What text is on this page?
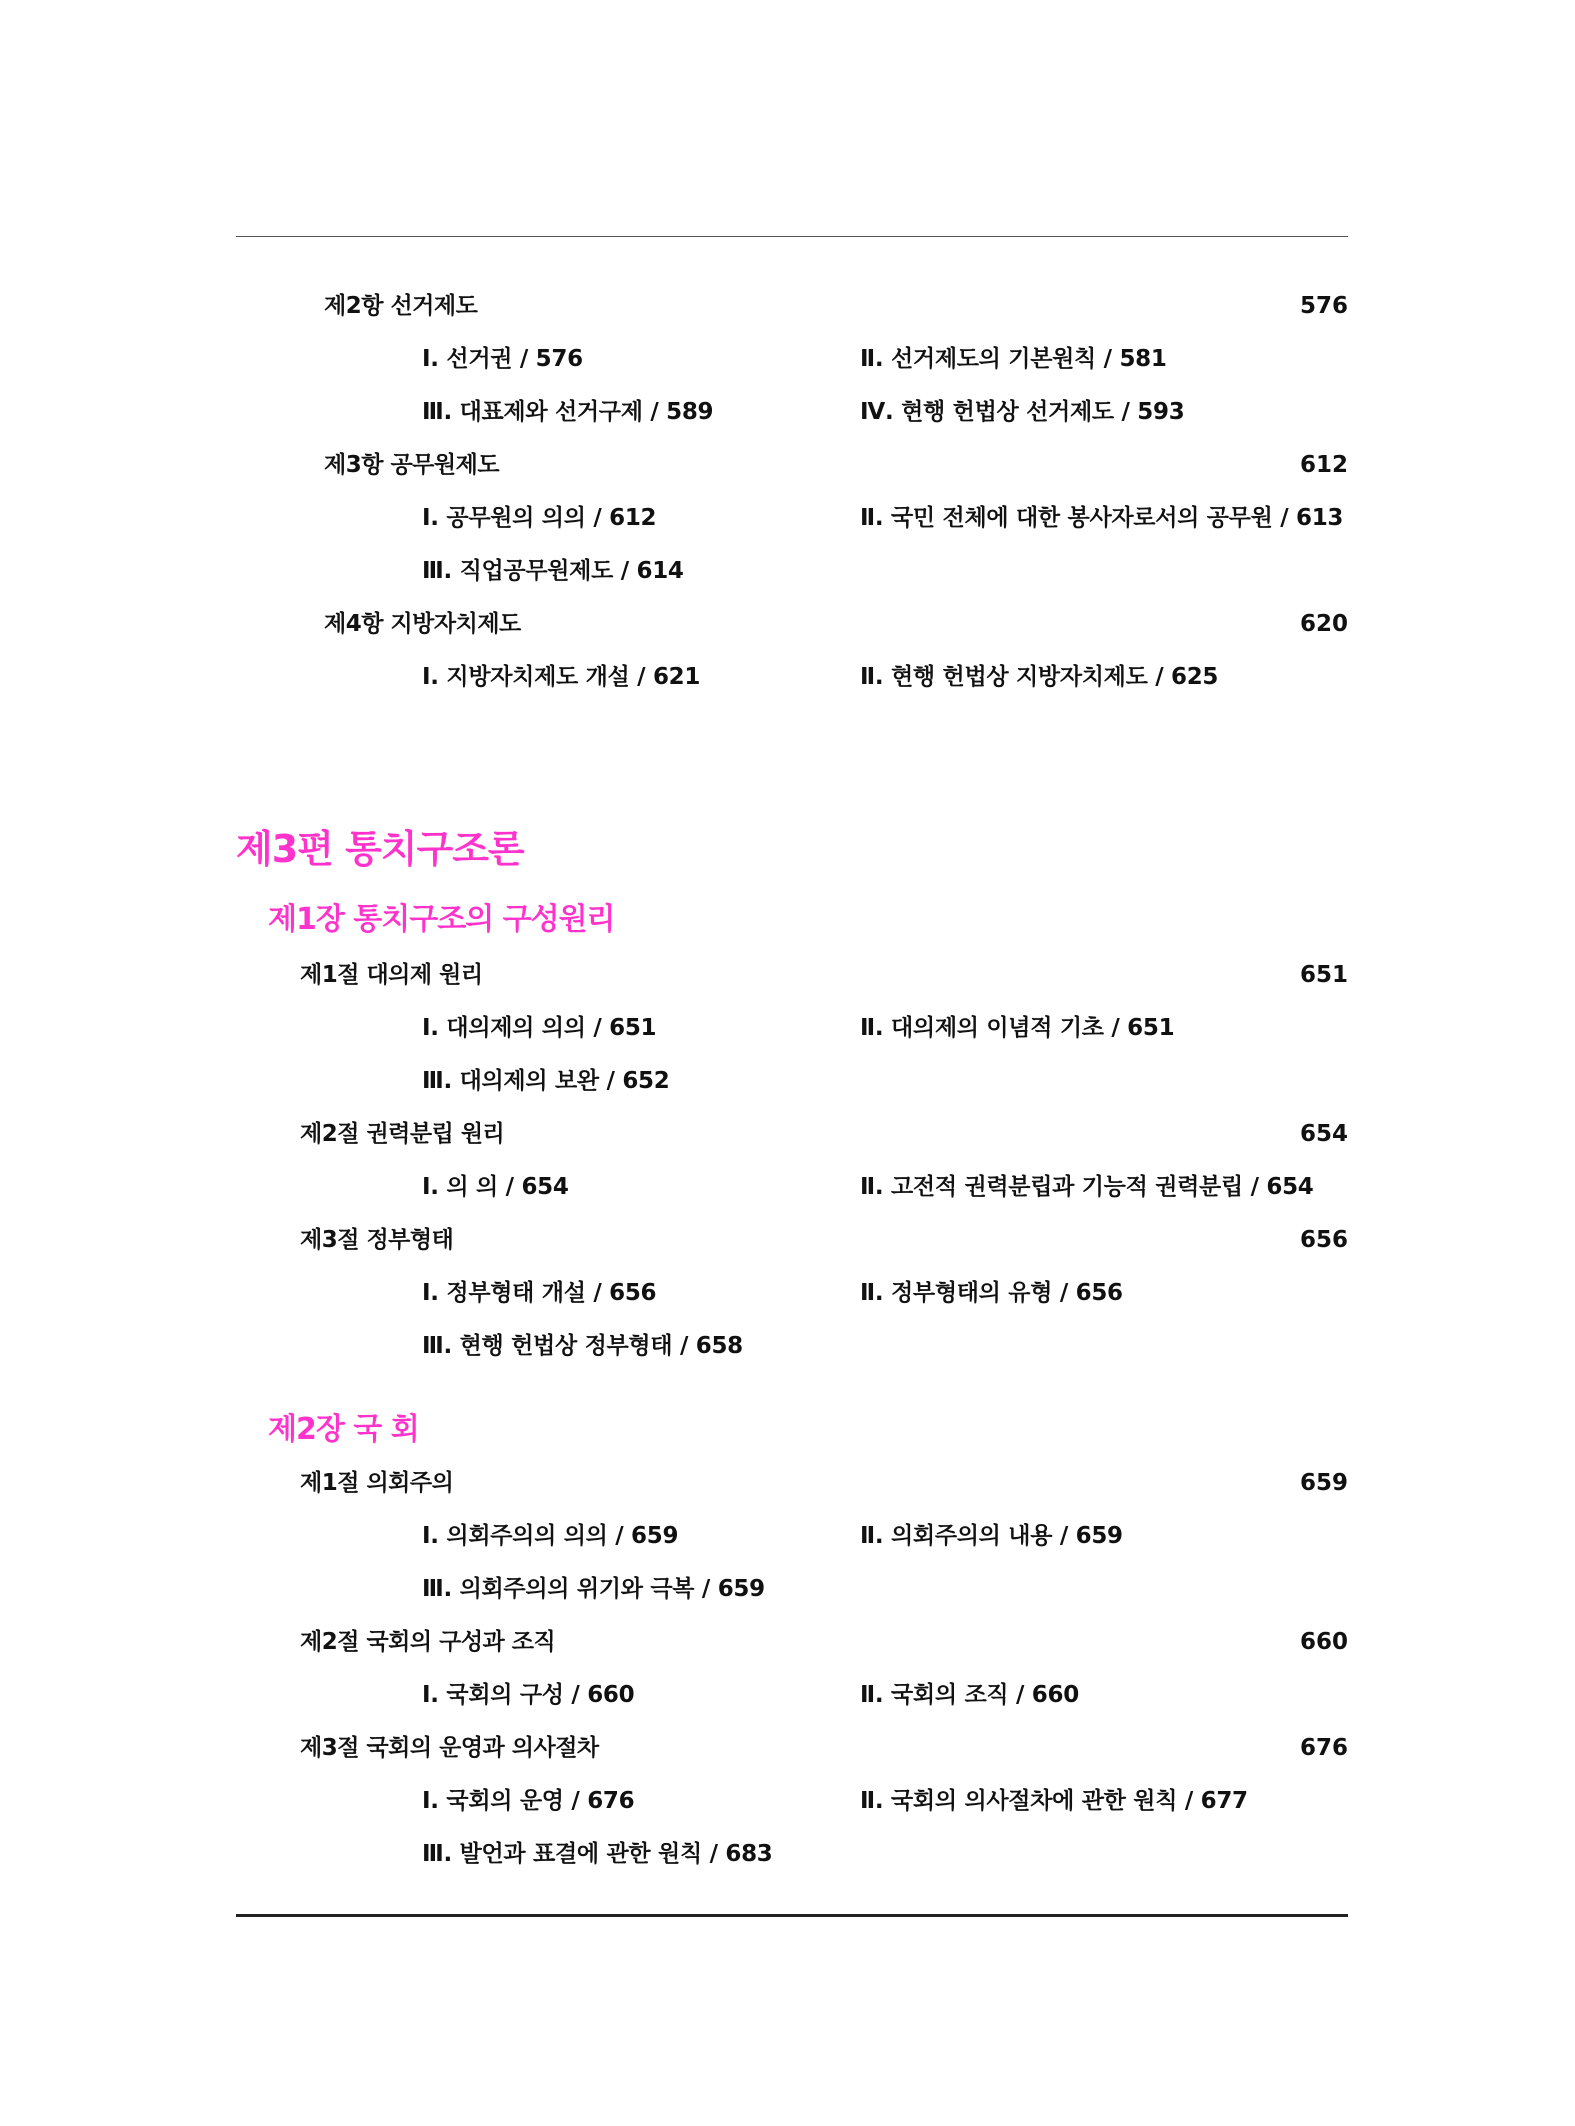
제2항 선거제도	576
Ⅰ. 선거권 / 576	Ⅱ. 선거제도의 기본원칙 / 581
Ⅲ. 대표제와 선거구제 / 589	Ⅳ. 현행 헌법상 선거제도 / 593
제3항 공무원제도	612
Ⅰ. 공무원의 의의 / 612	Ⅱ. 국민 전체에 대한 봉사자로서의 공무원 / 613
Ⅲ. 직업공무원제도 / 614
제4항 지방자치제도	620
Ⅰ. 지방자치제도 개설 / 621	Ⅱ. 현행 헌법상 지방자치제도 / 625
제3편 통치구조론
제1장 통치구조의 구성원리
제1절 대의제 원리	651
Ⅰ. 대의제의 의의 / 651	Ⅱ. 대의제의 이념적 기초 / 651
Ⅲ. 대의제의 보완 / 652
제2절 권력분립 원리	654
Ⅰ. 의 의 / 654	Ⅱ. 고전적 권력분립과 기능적 권력분립 / 654
제3절 정부형태	656
Ⅰ. 정부형태 개설 / 656	Ⅱ. 정부형태의 유형 / 656
Ⅲ. 현행 헌법상 정부형태 / 658
제2장 국 회
제1절 의회주의	659
Ⅰ. 의회주의의 의의 / 659	Ⅱ. 의회주의의 내용 / 659
Ⅲ. 의회주의의 위기와 극복 / 659
제2절 국회의 구성과 조직	660
Ⅰ. 국회의 구성 / 660	Ⅱ. 국회의 조직 / 660
제3절 국회의 운영과 의사절차	676
Ⅰ. 국회의 운영 / 676	Ⅱ. 국회의 의사절차에 관한 원칙 / 677
Ⅲ. 발언과 표결에 관한 원칙 / 683
